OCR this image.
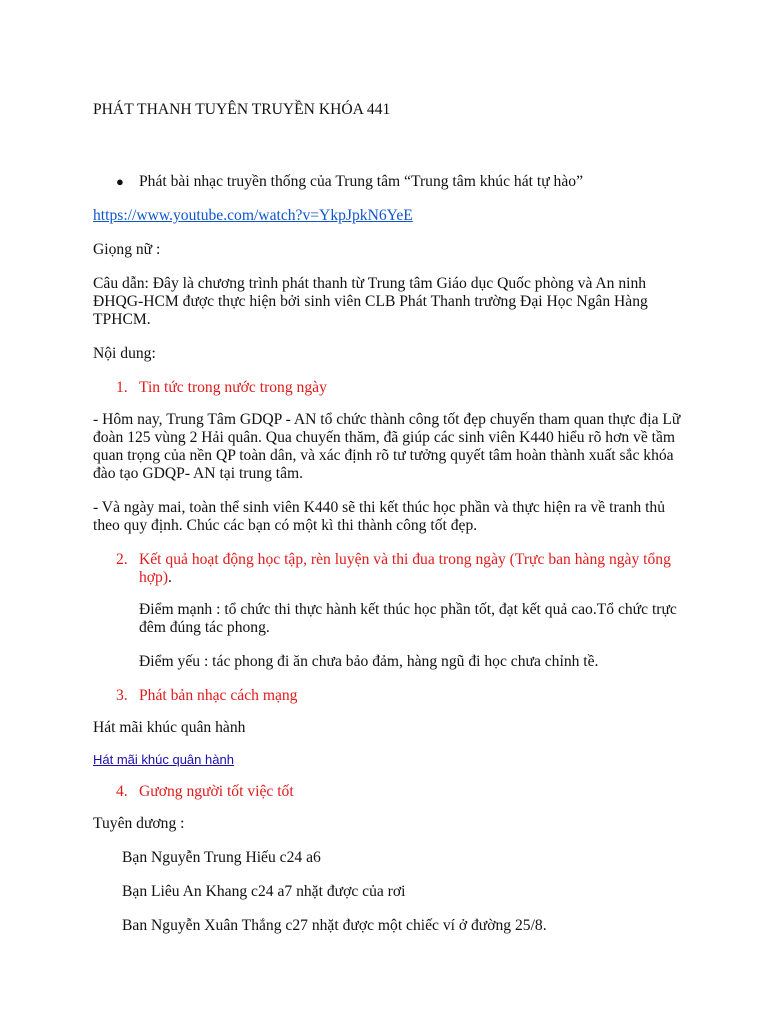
PHÁT THANH TUYÊN TRUYỀN KHÓA 441

● Phát bài nhạc truyền thống của Trung tâm “Trung tâm khúc hát tự hào”

https://www.youtube.com/watch?v=YkpJpkN6YeE

Giọng nữ :

Câu dẫn: Đây là chương trình phát thanh từ Trung tâm Giáo dục Quốc phòng và An ninh ĐHQG-HCM được thực hiện bởi sinh viên CLB Phát Thanh trường Đại Học Ngân Hàng TPHCM.

Nội dung:

1. Tin tức trong nước trong ngày

- Hôm nay, Trung Tâm GDQP - AN tổ chức thành công tốt đẹp chuyến tham quan thực địa Lữ đoàn 125 vùng 2 Hải quân. Qua chuyến thăm, đã giúp các sinh viên K440 hiểu rõ hơn về tầm quan trọng của nền QP toàn dân, và xác định rõ tư tưởng quyết tâm hoàn thành xuất sắc khóa đào tạo GDQP- AN tại trung tâm.

- Và ngày mai, toàn thể sinh viên K440 sẽ thi kết thúc học phần và thực hiện ra về tranh thủ theo quy định. Chúc các bạn có một kì thi thành công tốt đẹp.

2. Kết quả hoạt động học tập, rèn luyện và thi đua trong ngày (Trực ban hàng ngày tổng hợp).

Điểm mạnh : tổ chức thi thực hành kết thúc học phần tốt, đạt kết quả cao.Tổ chức trực đêm đúng tác phong.

Điểm yếu : tác phong đi ăn chưa bảo đảm, hàng ngũ đi học chưa chỉnh tề.

3. Phát bản nhạc cách mạng

Hát mãi khúc quân hành

Hát mãi khúc quân hành

4. Gương người tốt việc tốt

Tuyên dương :

Bạn Nguyễn Trung Hiếu c24 a6

Bạn Liêu An Khang c24 a7 nhặt được của rơi

Ban Nguyễn Xuân Thắng c27 nhặt được một chiếc ví ở đường 25/8.
